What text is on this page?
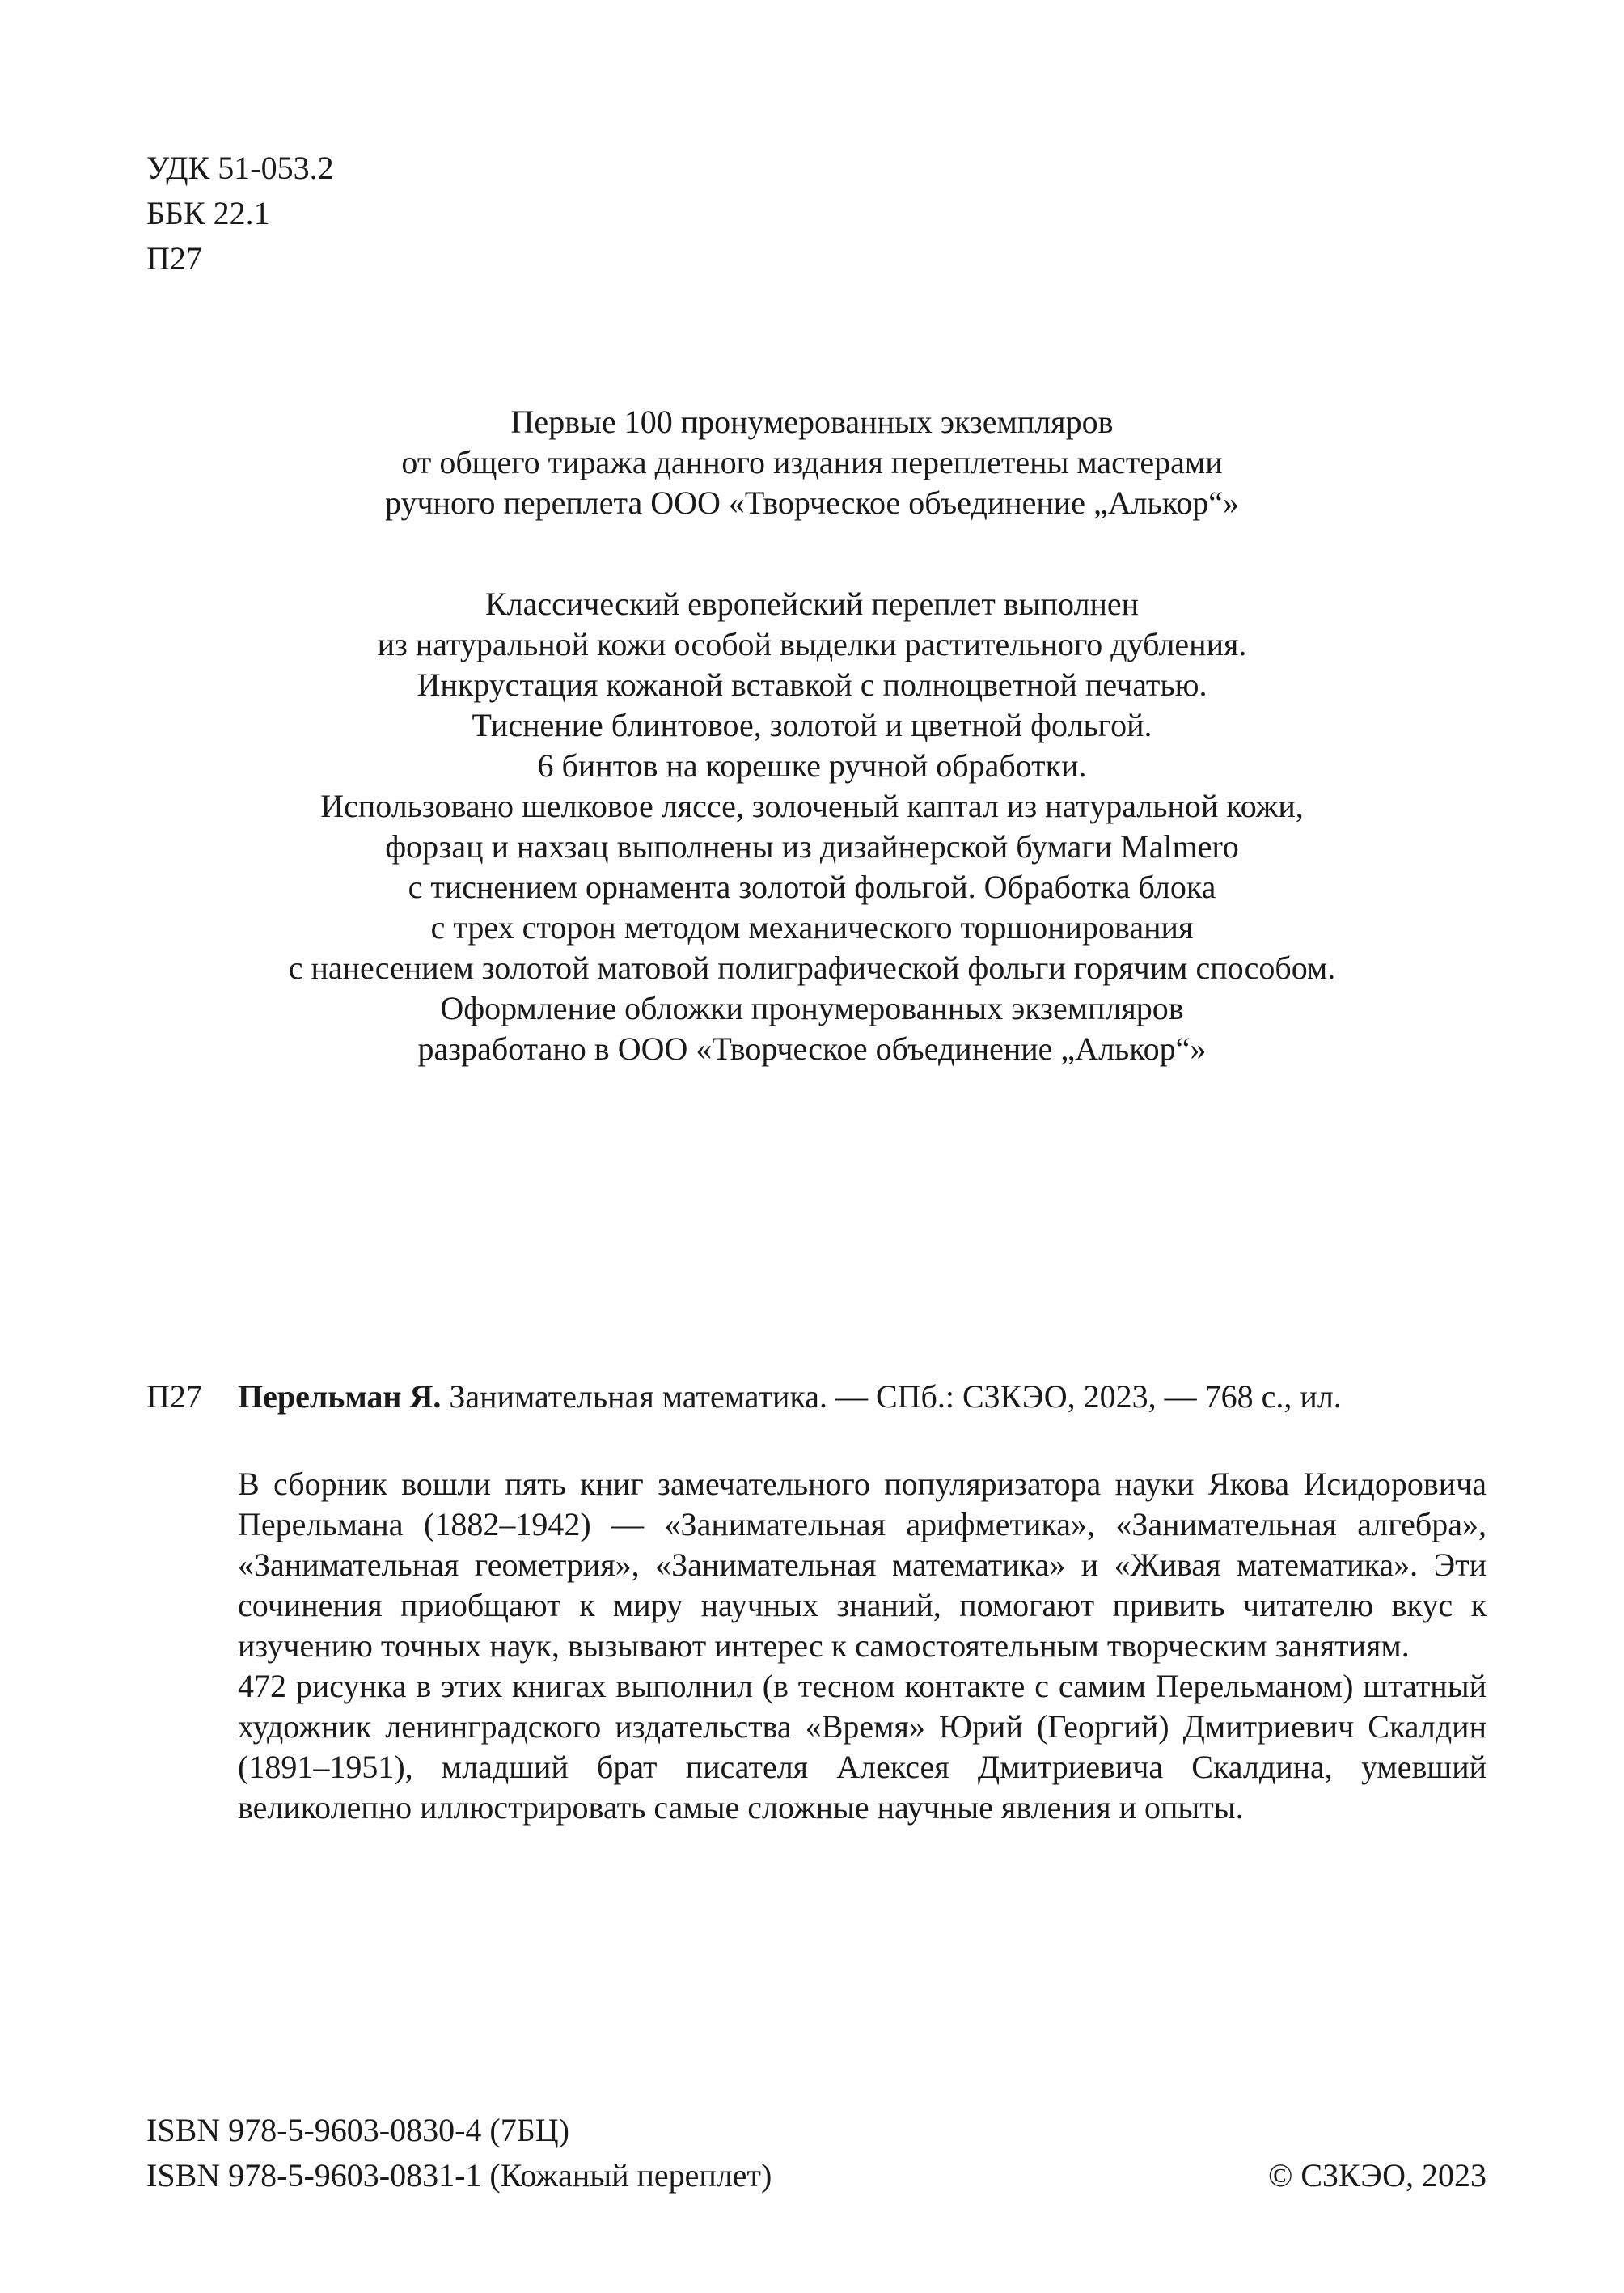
УДК 51-053.2
ББК 22.1
П27
Первые 100 пронумерованных экземпляров
от общего тиража данного издания переплетены мастерами
ручного переплета ООО «Творческое объединение „Алькор“»
Классический европейский переплет выполнен
из натуральной кожи особой выделки растительного дубления.
Инкрустация кожаной вставкой с полноцветной печатью.
Тиснение блинтовое, золотой и цветной фольгой.
6 бинтов на корешке ручной обработки.
Использовано шелковое ляссе, золоченый каптал из натуральной кожи,
форзац и нахзац выполнены из дизайнерской бумаги Malmero
с тиснением орнамента золотой фольгой. Обработка блока
с трех сторон методом механического торшонирования
с нанесением золотой матовой полиграфической фольги горячим способом.
Оформление обложки пронумерованных экземпляров
разработано в ООО «Творческое объединение „Алькор“»
П27 Перельман Я. Занимательная математика. — СПб.: СЗКЭО, 2023, — 768 с., ил.

В сборник вошли пять книг замечательного популяризатора науки Якова Исидоровича Перельмана (1882–1942) — «Занимательная арифметика», «Занимательная алгебра», «Занимательная геометрия», «Занимательная математика» и «Живая математика». Эти сочинения приобщают к миру научных знаний, помогают привить читателю вкус к изучению точных наук, вызывают интерес к самостоятельным творческим занятиям.

472 рисунка в этих книгах выполнил (в тесном контакте с самим Перельманом) штатный художник ленинградского издательства «Время» Юрий (Георгий) Дмитриевич Скалдин (1891–1951), младший брат писателя Алексея Дмитриевича Скалдина, умевший великолепно иллюстрировать самые сложные научные явления и опыты.

ISBN 978-5-9603-0830-4 (7БЦ)
ISBN 978-5-9603-0831-1 (Кожаный переплет)	© СЗКЭО, 2023
